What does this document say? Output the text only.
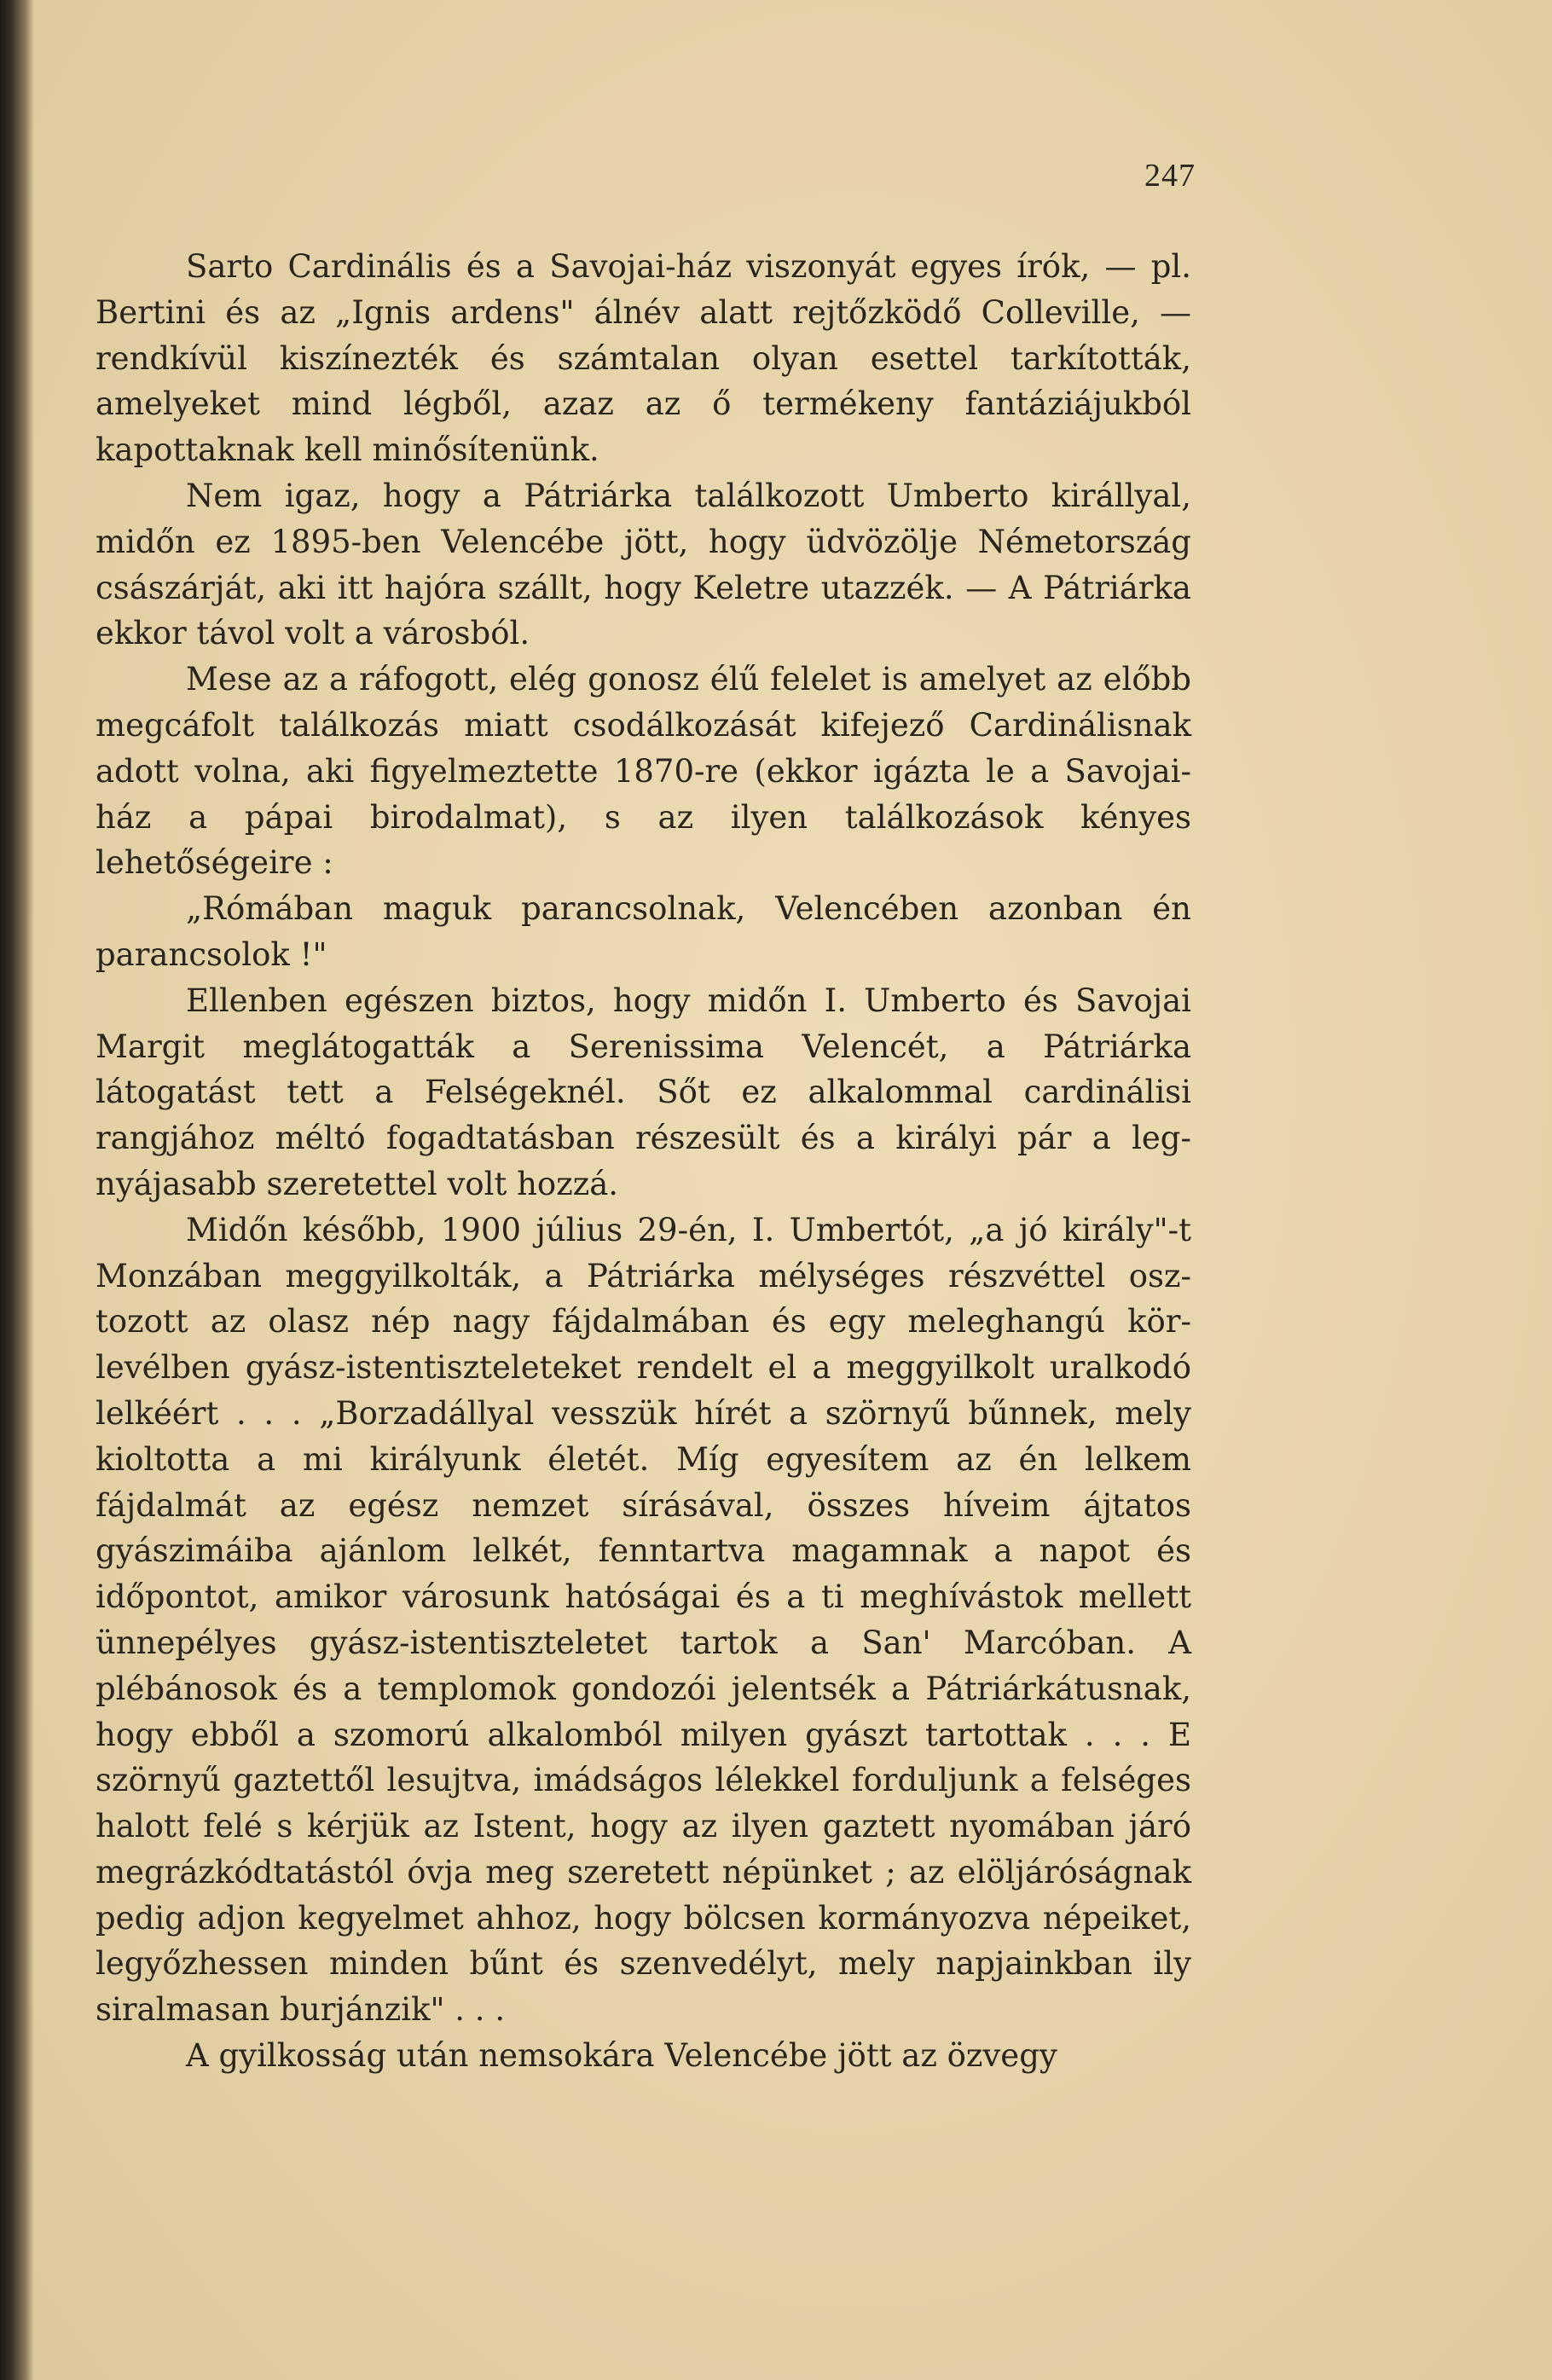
247

Sarto Cardinális és a Savojai-ház viszonyát egyes írók, — pl. Bertini és az „Ignis ardens" álnév alatt rejtőzködő Colleville, — rendkívül kiszínezték és számtalan olyan esettel tarkították, amelyeket mind légből, azaz az ő termékeny fantáziájukból kapottaknak kell minősítenünk.

Nem igaz, hogy a Pátriárka találkozott Umberto királlyal, midőn ez 1895-ben Velencébe jött, hogy üdvözölje Németország császárját, aki itt hajóra szállt, hogy Keletre utazzék. — A Pátriárka ekkor távol volt a városból.

Mese az a ráfogott, elég gonosz élű felelet is amelyet az előbb megcáfolt találkozás miatt csodálkozását kifejező Cardinálisnak adott volna, aki figyelmeztette 1870-re (ekkor igázta le a Savojai-ház a pápai birodalmat), s az ilyen találkozások kényes lehetőségeire :

„Rómában maguk parancsolnak, Velencében azonban én parancsolok !"

Ellenben egészen biztos, hogy midőn I. Umberto és Savojai Margit meglátogatták a Serenissima Velencét, a Pátriárka látogatást tett a Felségeknél. Sőt ez alkalommal cardinálisi rangjához méltó fogadtatásban részesült és a királyi pár a legnyájasabb szeretettel volt hozzá.

Midőn később, 1900 július 29-én, I. Umbertót, „a jó király"-t Monzában meggyilkolták, a Pátriárka mélységes részvéttel osztozott az olasz nép nagy fájdalmában és egy meleghangú körlevélben gyász-istentiszteleteket rendelt el a meggyilkolt uralkodó lelkéért . . . „Borzadállyal vesszük hírét a szörnyű bűnnek, mely kioltotta a mi királyunk életét. Míg egyesítem az én lelkem fájdalmát az egész nemzet sírásával, összes híveim ájtatos gyászimáiba ajánlom lelkét, fenntartva magamnak a napot és időpontot, amikor városunk hatóságai és a ti meghívástok mellett ünnepélyes gyász-istentiszteletet tartok a San' Marcóban. A plébánosok és a templomok gondozói jelentsék a Pátriárkátusnak, hogy ebből a szomorú alkalomból milyen gyászt tartottak . . . E szörnyű gaztettől lesujtva, imádságos lélekkel forduljunk a felséges halott felé s kérjük az Istent, hogy az ilyen gaztett nyomában járó megrázkódtatástól óvja meg szeretett népünket ; az elöljáróságnak pedig adjon kegyelmet ahhoz, hogy bölcsen kormányozva népeiket, legyőzhessen minden bűnt és szenvedélyt, mely napjainkban ily siralmasan burjánzik" . . .

A gyilkosság után nemsokára Velencébe jött az özvegy
